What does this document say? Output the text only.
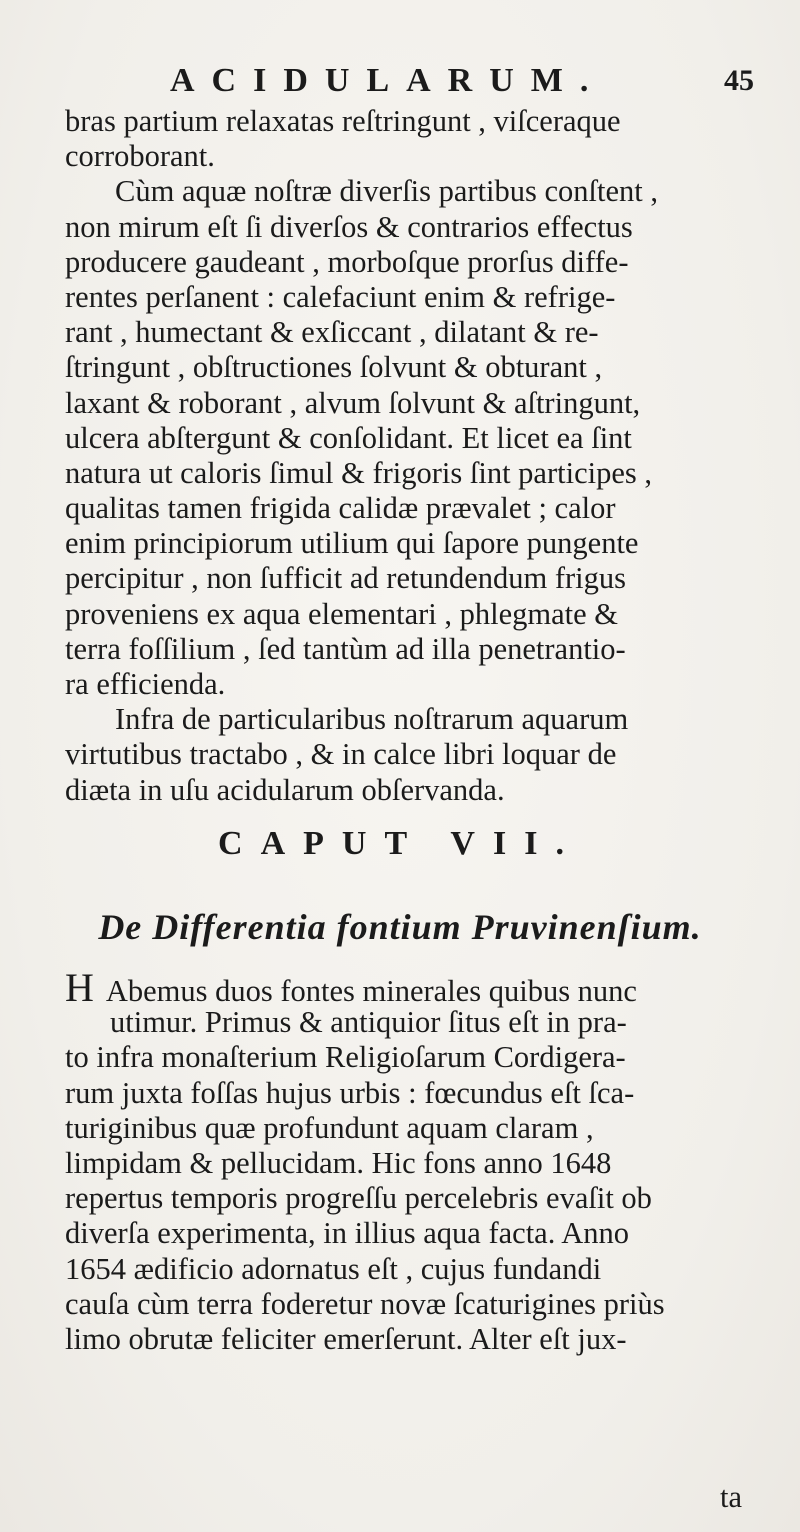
ACIDULARUM.	45
bras partium relaxatas reſtringunt , viſceraque
corroborant.
Cùm aquæ noſtræ diverſis partibus conſtent ,
non mirum eſt ſi diverſos & contrarios effectus
producere gaudeant , morboſque prorſus diffe-
rentes perſanent : calefaciunt enim & refrige-
rant , humectant & exſiccant , dilatant & re-
ſtringunt , obſtructiones ſolvunt & obturant ,
laxant & roborant , alvum ſolvunt & aſtringunt,
ulcera abſtergunt & conſolidant. Et licet ea ſint
natura ut caloris ſimul & frigoris ſint participes ,
qualitas tamen frigida calidæ prævalet ; calor
enim principiorum utilium qui ſapore pungente
percipitur , non ſufficit ad retundendum frigus
proveniens ex aqua elementari , phlegmate &
terra foſſilium , ſed tantùm ad illa penetrantio-
ra efficienda.
Infra de particularibus noſtrarum aquarum
virtutibus tractabo , & in calce libri loquar de
diæta in uſu acidularum obſervanda.
CAPUT VII.
De Differentia fontium Pruvinenſium.
H Abemus duos fontes minerales quibus nunc
utimur. Primus & antiquior ſitus eſt in pra-
to infra monaſterium Religioſarum Cordigera-
rum juxta foſſas hujus urbis : fœcundus eſt ſca-
turiginibus quæ profundunt aquam claram ,
limpidam & pellucidam. Hic fons anno 1648
repertus temporis progreſſu percelebris evaſit ob
diverſa experimenta, in illius aqua facta. Anno
1654 ædificio adornatus eſt , cujus fundandi
cauſa cùm terra foderetur novæ ſcaturigines priùs
limo obrutæ feliciter emerſerunt. Alter eſt jux-
ta
